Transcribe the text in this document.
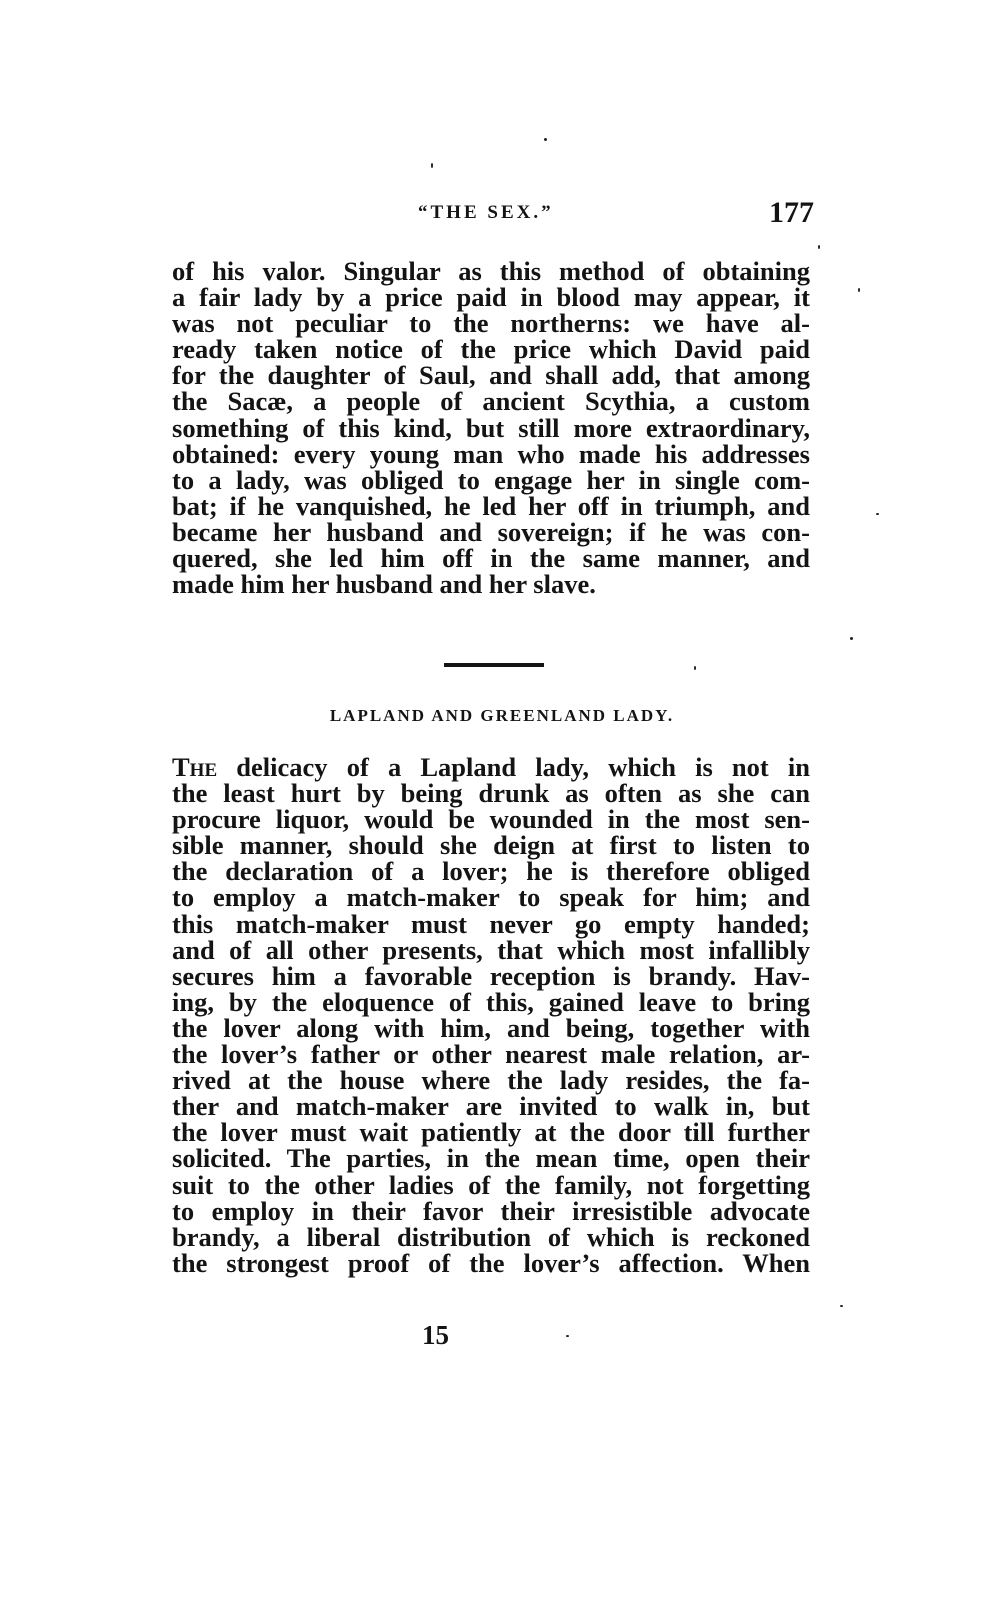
“THE SEX.”	177

of his valor. Singular as this method of obtaining
a fair lady by a price paid in blood may appear, it
was not peculiar to the northerns: we have al-
ready taken notice of the price which David paid
for the daughter of Saul, and shall add, that among
the Sacæ, a people of ancient Scythia, a custom
something of this kind, but still more extraordinary,
obtained: every young man who made his addresses
to a lady, was obliged to engage her in single com-
bat; if he vanquished, he led her off in triumph, and
became her husband and sovereign; if he was con-
quered, she led him off in the same manner, and
made him her husband and her slave.

LAPLAND AND GREENLAND LADY.

The delicacy of a Lapland lady, which is not in
the least hurt by being drunk as often as she can
procure liquor, would be wounded in the most sen-
sible manner, should she deign at first to listen to
the declaration of a lover; he is therefore obliged
to employ a match-maker to speak for him; and
this match-maker must never go empty handed;
and of all other presents, that which most infallibly
secures him a favorable reception is brandy. Hav-
ing, by the eloquence of this, gained leave to bring
the lover along with him, and being, together with
the lover’s father or other nearest male relation, ar-
rived at the house where the lady resides, the fa-
ther and match-maker are invited to walk in, but
the lover must wait patiently at the door till further
solicited. The parties, in the mean time, open their
suit to the other ladies of the family, not forgetting
to employ in their favor their irresistible advocate
brandy, a liberal distribution of which is reckoned
the strongest proof of the lover’s affection. When

15
